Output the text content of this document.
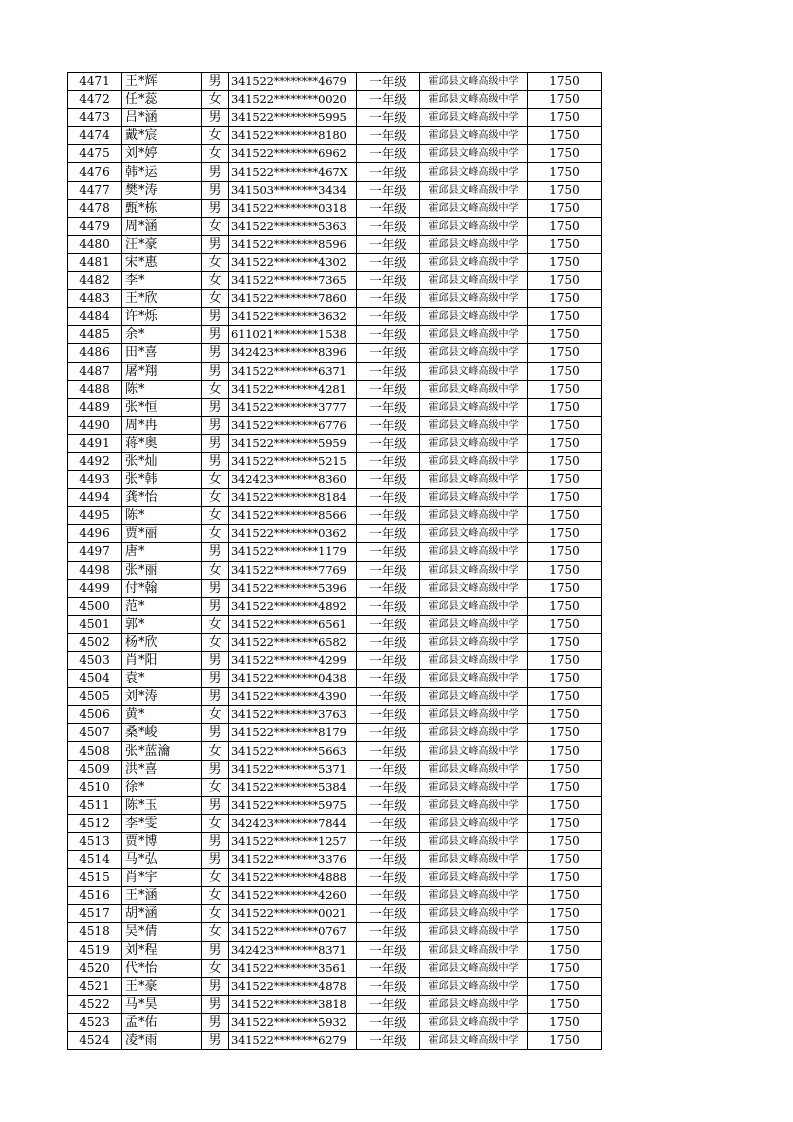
4471	王*辉	男	341522********4679	一年级	霍邱县文峰高级中学	1750
4472	任*蕊	女	341522********0020	一年级	霍邱县文峰高级中学	1750
4473	吕*涵	男	341522********5995	一年级	霍邱县文峰高级中学	1750
4474	戴*宸	女	341522********8180	一年级	霍邱县文峰高级中学	1750
4475	刘*婷	女	341522********6962	一年级	霍邱县文峰高级中学	1750
4476	韩*运	男	341522********467X	一年级	霍邱县文峰高级中学	1750
4477	樊*涛	男	341503********3434	一年级	霍邱县文峰高级中学	1750
4478	甄*栋	男	341522********0318	一年级	霍邱县文峰高级中学	1750
4479	周*涵	女	341522********5363	一年级	霍邱县文峰高级中学	1750
4480	汪*豪	男	341522********8596	一年级	霍邱县文峰高级中学	1750
4481	宋*惠	女	341522********4302	一年级	霍邱县文峰高级中学	1750
4482	李*	女	341522********7365	一年级	霍邱县文峰高级中学	1750
4483	王*欣	女	341522********7860	一年级	霍邱县文峰高级中学	1750
4484	许*烁	男	341522********3632	一年级	霍邱县文峰高级中学	1750
4485	余*	男	611021********1538	一年级	霍邱县文峰高级中学	1750
4486	田*喜	男	342423********8396	一年级	霍邱县文峰高级中学	1750
4487	屠*翔	男	341522********6371	一年级	霍邱县文峰高级中学	1750
4488	陈*	女	341522********4281	一年级	霍邱县文峰高级中学	1750
4489	张*恒	男	341522********3777	一年级	霍邱县文峰高级中学	1750
4490	周*冉	男	341522********6776	一年级	霍邱县文峰高级中学	1750
4491	蒋*奥	男	341522********5959	一年级	霍邱县文峰高级中学	1750
4492	张*灿	男	341522********5215	一年级	霍邱县文峰高级中学	1750
4493	张*韩	女	342423********8360	一年级	霍邱县文峰高级中学	1750
4494	龚*怡	女	341522********8184	一年级	霍邱县文峰高级中学	1750
4495	陈*	女	341522********8566	一年级	霍邱县文峰高级中学	1750
4496	贾*丽	女	341522********0362	一年级	霍邱县文峰高级中学	1750
4497	唐*	男	341522********1179	一年级	霍邱县文峰高级中学	1750
4498	张*丽	女	341522********7769	一年级	霍邱县文峰高级中学	1750
4499	付*翰	男	341522********5396	一年级	霍邱县文峰高级中学	1750
4500	范*	男	341522********4892	一年级	霍邱县文峰高级中学	1750
4501	郭*	女	341522********6561	一年级	霍邱县文峰高级中学	1750
4502	杨*欣	女	341522********6582	一年级	霍邱县文峰高级中学	1750
4503	肖*阳	男	341522********4299	一年级	霍邱县文峰高级中学	1750
4504	袁*	男	341522********0438	一年级	霍邱县文峰高级中学	1750
4505	刘*涛	男	341522********4390	一年级	霍邱县文峰高级中学	1750
4506	黄*	女	341522********3763	一年级	霍邱县文峰高级中学	1750
4507	桑*峻	男	341522********8179	一年级	霍邱县文峰高级中学	1750
4508	张*蓝瀹	女	341522********5663	一年级	霍邱县文峰高级中学	1750
4509	洪*喜	男	341522********5371	一年级	霍邱县文峰高级中学	1750
4510	徐*	女	341522********5384	一年级	霍邱县文峰高级中学	1750
4511	陈*玉	男	341522********5975	一年级	霍邱县文峰高级中学	1750
4512	李*雯	女	342423********7844	一年级	霍邱县文峰高级中学	1750
4513	贾*博	男	341522********1257	一年级	霍邱县文峰高级中学	1750
4514	马*弘	男	341522********3376	一年级	霍邱县文峰高级中学	1750
4515	肖*宇	女	341522********4888	一年级	霍邱县文峰高级中学	1750
4516	王*涵	女	341522********4260	一年级	霍邱县文峰高级中学	1750
4517	胡*涵	女	341522********0021	一年级	霍邱县文峰高级中学	1750
4518	吴*倩	女	341522********0767	一年级	霍邱县文峰高级中学	1750
4519	刘*程	男	342423********8371	一年级	霍邱县文峰高级中学	1750
4520	代*怡	女	341522********3561	一年级	霍邱县文峰高级中学	1750
4521	王*豪	男	341522********4878	一年级	霍邱县文峰高级中学	1750
4522	马*昊	男	341522********3818	一年级	霍邱县文峰高级中学	1750
4523	孟*佑	男	341522********5932	一年级	霍邱县文峰高级中学	1750
4524	凌*雨	男	341522********6279	一年级	霍邱县文峰高级中学	1750
